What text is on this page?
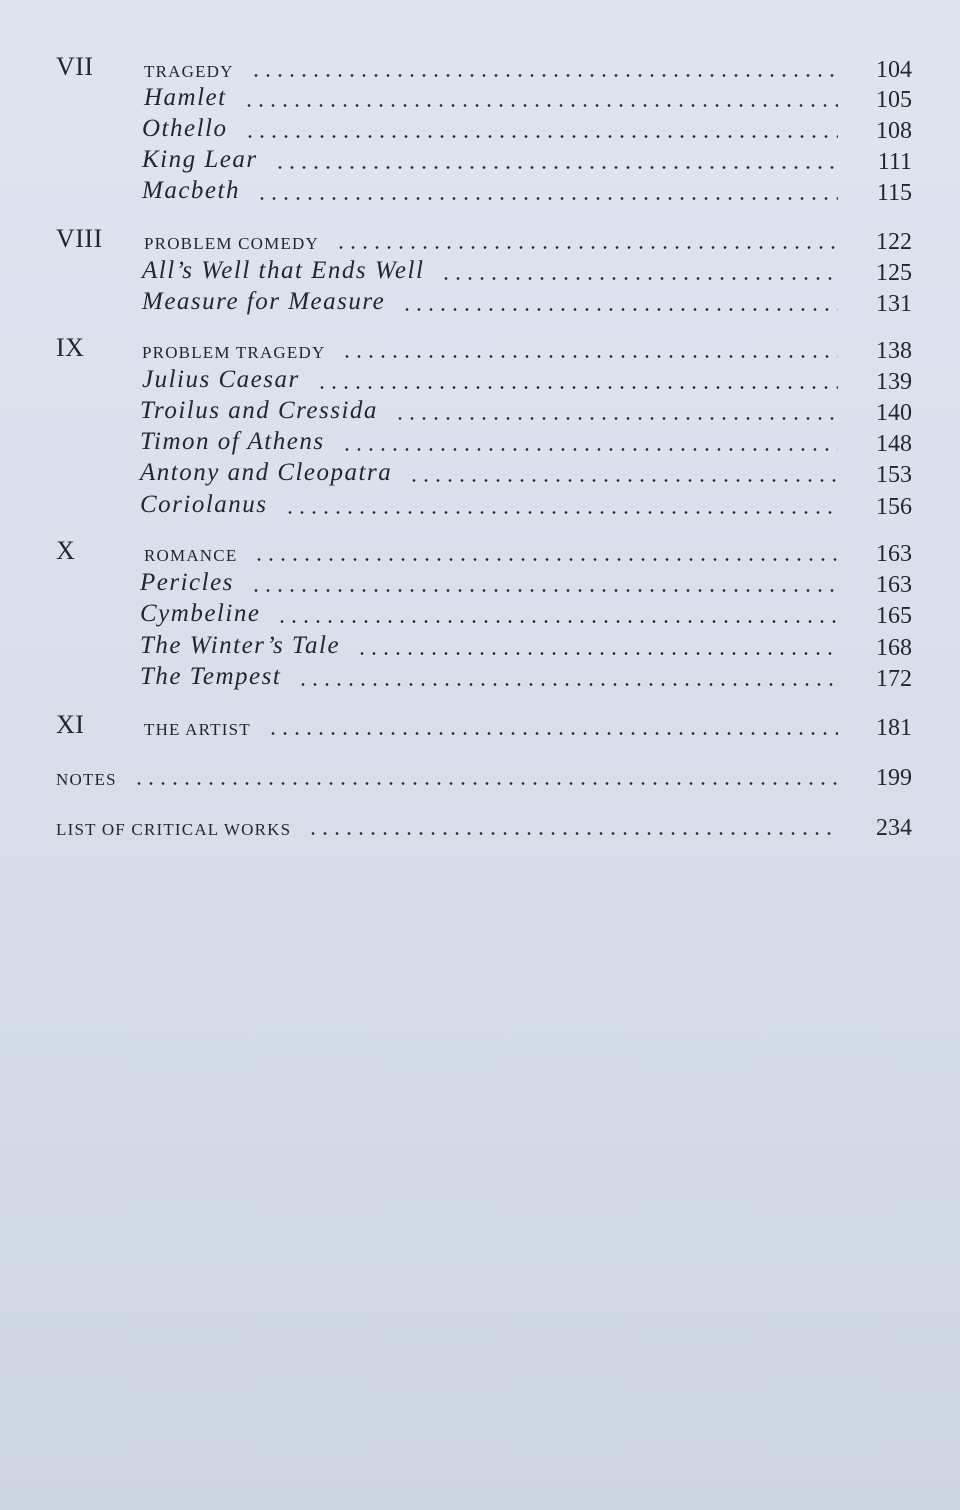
VII	TRAGEDY	104
Hamlet	105
Othello	108
King Lear	111
Macbeth	115
VIII PROBLEM COMEDY	122
All’s Well that Ends Well	125
Measure for Measure	131
IX	PROBLEM TRAGEDY	138
Julius Caesar	139
Troilus and Cressida	140
Timon of Athens	148
Antony and Cleopatra	153
Coriolanus	156
X	ROMANCE	163
Pericles	163
Cymbeline	165
The Winter’s Tale	168
The Tempest	172
XI	THE ARTIST	181
NOTES	199
LIST OF CRITICAL WORKS	234
